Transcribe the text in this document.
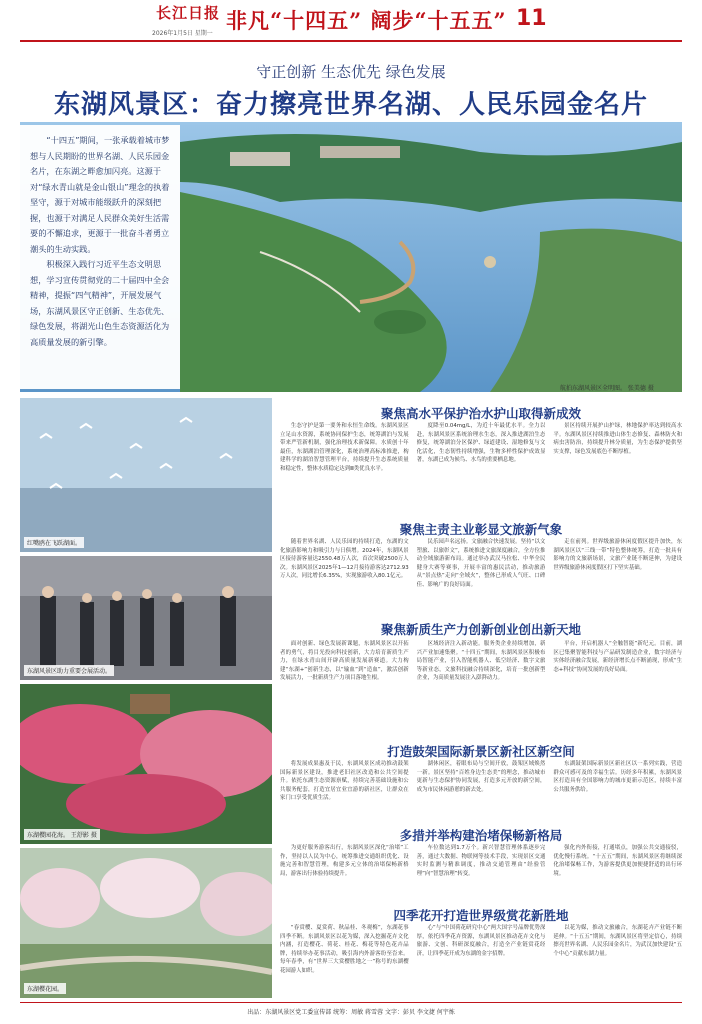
长江日报
2026年1月5日 星期一
非凡“十四五” 阔步“十五五” 11
守正创新 生态优先 绿色发展
东湖风景区：奋力擦亮世界名湖、人民乐园金名片

“十四五”期间，一张承载着城市梦想与人民期盼的世界名湖、人民乐园金名片，在东湖之畔愈加闪亮。这源于对“绿水青山就是金山银山”理念的执着坚守，源于对城市能级跃升的深刻把握，也源于对满足人民群众美好生活需要的不懈追求，更源于一批奋斗者勇立潮头的生动实践。

积极深入践行习近平生态文明思想，学习宣传贯彻党的二十届四中全会精神，提振“四气精神”，开展发展气场，东湖风景区守正创新、生态优先、绿色发展，将湖光山色生态资源活化为高质量发展的新引擎。

航拍东湖风景区全明图。 张美德 摄
红嘴鸥在飞跃湖面。
东湖风景区助力重要会展活动。
东湖樱园花海。 王舒影 摄
东湖樱花园。
聚焦高水平保护治水护山取得新成效
生态守护是第一要务和永恒生命线。东湖风景区立足山水资源，系统协同保护生态，统筹湖泊与发展带来严管新机制，强化治理技术新保障。水质创十年最佳，东湖湖泊管理深化，系统治理高标准推进，构建科学的湖泊智慧管理平台，持续提升生态系统质量和稳定性，整体水质稳定达到Ⅲ类优良水平。
度降至0.04mg/L，为近十年最优水平。全力以赴，东湖风景区系统治理水生态，深入推进湖泊生态修复，统筹湖泊分区保护、绿道建设、湿地修复与文化活化，生态韧性持续增强，生物多样性保护成效显著，东湖已成为候鸟、水鸟的重要栖息地。
景区持续开展护山护绿，林地保护率达到较高水平。东湖风景区持续推进山体生态修复、森林防火和病虫害防治，持续提升林分质量，为生态保护提供坚实支撑，绿色发展底色不断厚植。
聚焦主责主业彰显文旅新气象
随着世界名湖、人民乐园的持续打造，东湖的文化旅游影响力和吸引力与日俱增。2024年，东湖风景区接待游客量达2550.48万人次，首次突破2500万人次。东湖风景区2025年1—12月接待游客达2712.93万人次，同比增长6.35%，实现旅游收入80.1亿元。
民乐园声名远扬。文旅融合快速发展。坚持“以文塑旅、以旅彰文”，系统推进文旅深度融合，全方位推动全域旅游新布局。通过举办武汉马拉松、中华全民健身大赛等赛事，开展丰富的惠民活动，推动旅游从“景点热”走向“全域火”，整体已形成人气旺、口碑佳、影响广的良好局面。
走在前列。世界级旅游休闲度假区提升加快，东湖风景区以“三线一带”特色整体统筹，打造一批具有影响力的文旅新场景，文旅产业链不断延伸，为建设世界级旅游休闲度假区打下坚实基础。
聚焦新质生产力创新创业创出新天地
面对创新、绿色发展新课题，东湖风景区以开拓者的勇气，将目光投向科技创新，大力培育新质生产力，在绿水青山间开辟高质量发展新赛道。大力构建“东湖+”创新生态，以“输血”到“造血”，激活创新发展活力，一批新质生产力项目落地生根。
区域经济注入新动能。服务类企业持续增加，新兴产业加速集聚。“十四五”期间，东湖风景区积极布局智能产业，引入智能机器人、低空经济、数字文旅等新业态，文旅科技融合持续深化，培育一批创新型企业，为高质量发展注入澎湃动力。
平台，开启机器人“全触智能”新纪元。目前，湖区已集聚智能科技与产品研发制造企业，数字经济与实体经济融合发展，新经济增长点不断涌现，形成“生态+科技”协同发展的良好局面。
打造鼓架国际新景区新社区新空间
将发展成果惠及于民，东湖风景区成功推动鼓架国际新景区建设，推进老旧社区改造和公共空间提升。依托东湖生态资源禀赋，持续完善基础设施和公共服务配套，打造宜居宜业宜游的新社区，让群众在家门口享受优质生活。
湖休闲区，着眼布局与空间开放，鼓架区域焕然一新。景区坚持“百姓身边生态美”的理念，推动城市更新与生态保护协同发展，打造多元开放的新空间，成为市民休闲游憩的新去处。
东湖鼓架国际新景区新社区以一系列实践，营造群众可感可及的幸福生活。历经多年积累，东湖风景区打造具有全国影响力的城市更新示范区，持续丰富公共服务供给。
多措并举构建治堵保畅新格局
为更好服务游客出行，东湖风景区深化“治堵”工作，坚持以人民为中心，统筹推进交通组织优化、设施完善和智慧管理，构建多元立体的治堵保畅新格局，游客出行体验持续提升。
车位数达到1.7万个。新兴智慧管理体系逐步完善，通过大数据、物联网等技术手段，实现景区交通实时监测与精准调度，推动交通管理由“经验管理”向“智慧治理”转变。
强化内外衔接，打通堵点，加强公共交通接驳，优化慢行系统。“十五五”期间，东湖风景区将继续深化治堵保畅工作，为游客提供更加便捷舒适的出行环境。
四季花开打造世界级赏花新胜地
“春赏樱、夏赏荷、秋品桂、冬观梅”，东湖花事四季不断。东湖风景区以花为媒，深入挖掘花卉文化内涵，打造樱花、荷花、桂花、梅花等特色花卉品牌，持续举办花事活动，吸引海内外游客纷至沓来。每年春季，有“世界三大赏樱胜地之一”称号的东湖樱花园游人如织。
心”与“中国荷花研究中心”两大国字号品牌优势深厚，依托四季花卉资源，东湖风景区推动花卉文化与旅游、文创、科研深度融合，打造全产业链赏花经济，让四季花开成为东湖的金字招牌。
以花为媒，推动文旅融合，东湖花卉产业链不断延伸。“十五五”期间，东湖风景区将坚定信心，持续擦亮世界名湖、人民乐园金名片，为武汉加快建设“五个中心”贡献东湖力量。
出品：东湖风景区党工委宣传部 统筹：周敏 蒋雪蓉 文字：彭贝 李文捷 何宇炼
